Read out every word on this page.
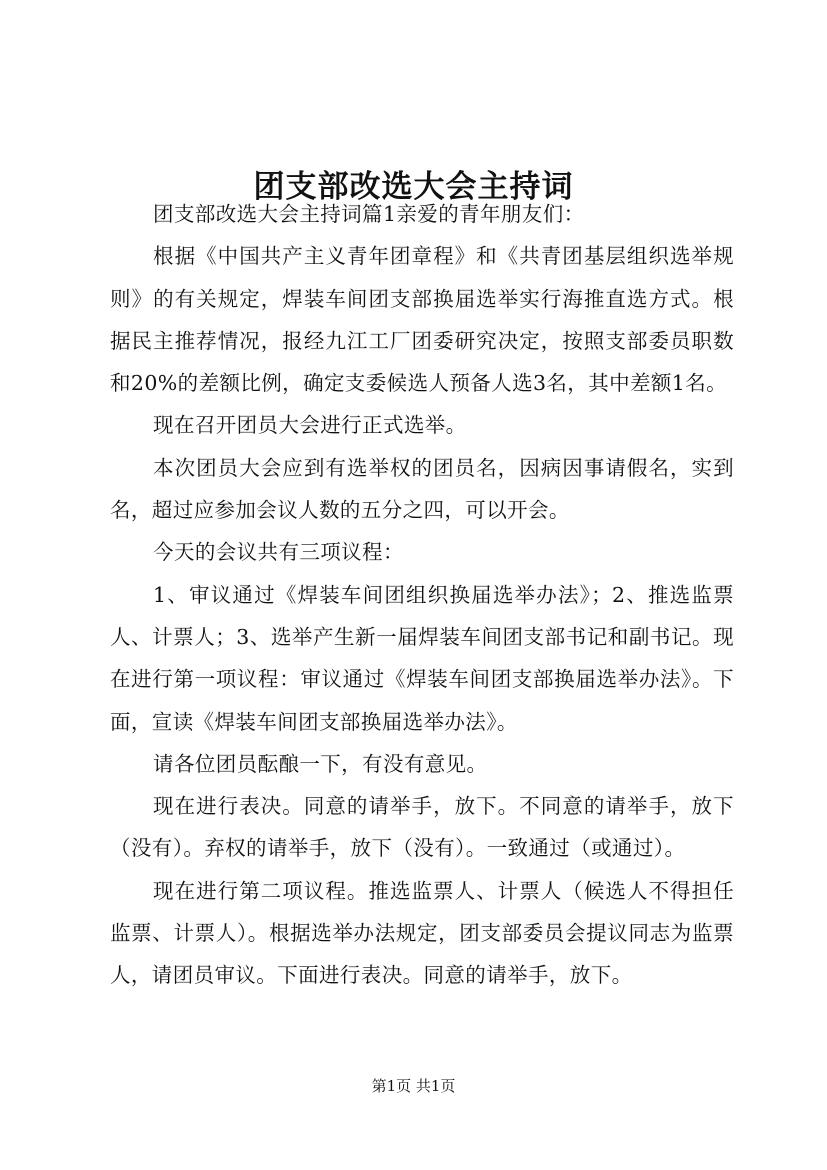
团支部改选大会主持词

团支部改选大会主持词篇1亲爱的青年朋友们：

根据《中国共产主义青年团章程》和《共青团基层组织选举规则》的有关规定，焊装车间团支部换届选举实行海推直选方式。根据民主推荐情况，报经九江工厂团委研究决定，按照支部委员职数和20%的差额比例，确定支委候选人预备人选3名，其中差额1名。

现在召开团员大会进行正式选举。

本次团员大会应到有选举权的团员名，因病因事请假名，实到名，超过应参加会议人数的五分之四，可以开会。

今天的会议共有三项议程：

1、审议通过《焊装车间团组织换届选举办法》；2、推选监票人、计票人；3、选举产生新一届焊装车间团支部书记和副书记。现在进行第一项议程：审议通过《焊装车间团支部换届选举办法》。下面，宣读《焊装车间团支部换届选举办法》。

请各位团员酝酿一下，有没有意见。

现在进行表决。同意的请举手，放下。不同意的请举手，放下（没有）。弃权的请举手，放下（没有）。一致通过（或通过）。

现在进行第二项议程。推选监票人、计票人（候选人不得担任监票、计票人）。根据选举办法规定，团支部委员会提议同志为监票人，请团员审议。下面进行表决。同意的请举手，放下。

第1页 共1页
